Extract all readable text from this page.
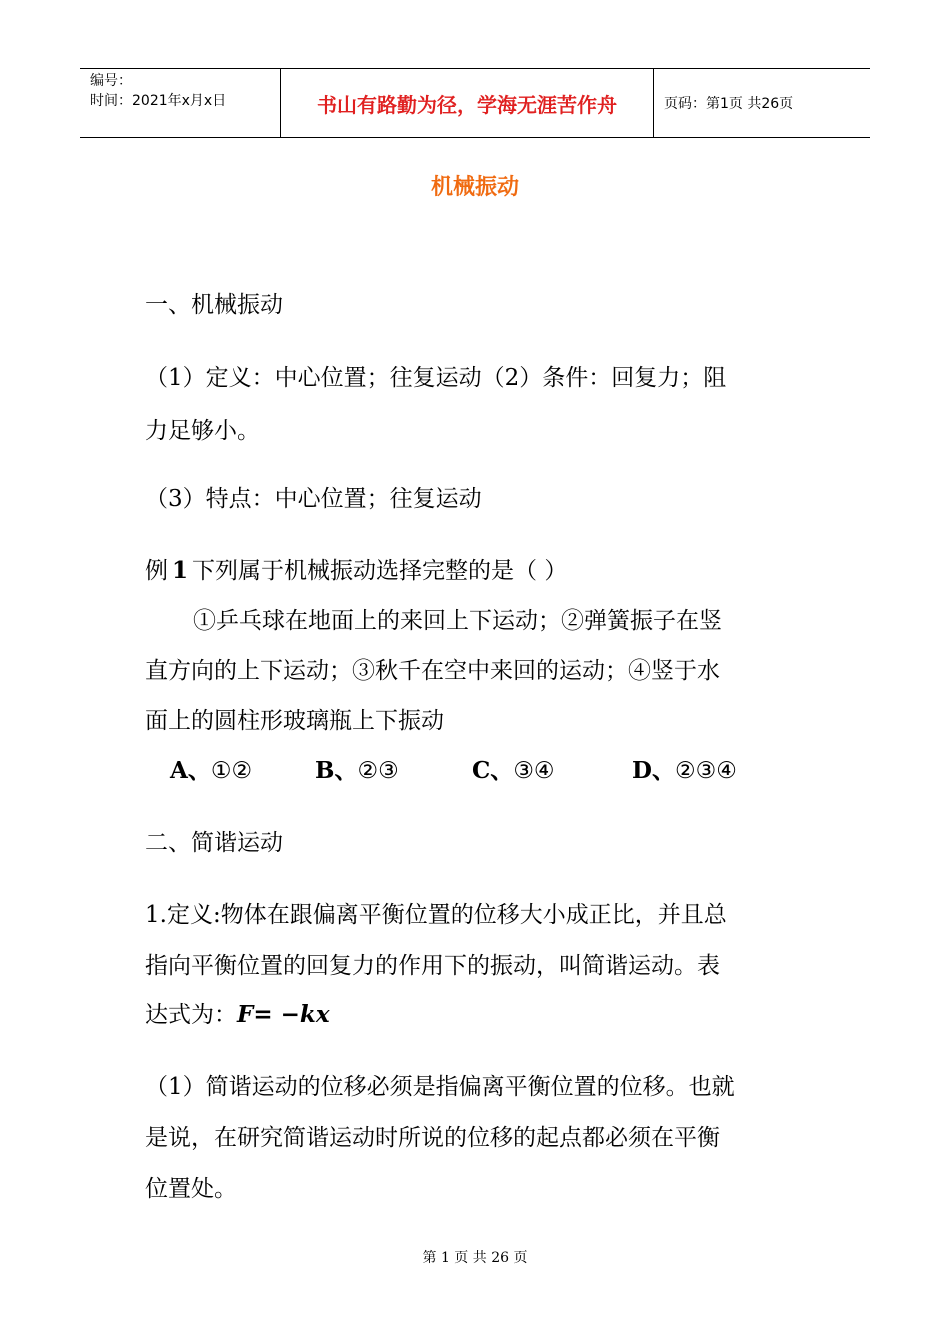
编号：
时间：2021年x月x日	书山有路勤为径，学海无涯苦作舟	页码：第1页 共26页
机械振动
一、机械振动
（1）定义：中心位置；往复运动（2）条件：回复力；阻
力足够小。
（3）特点：中心位置；往复运动
例 1 下列属于机械振动选择完整的是（ ）
①乒乓球在地面上的来回上下运动；②弹簧振子在竖
直方向的上下运动；③秋千在空中来回的运动；④竖于水
面上的圆柱形玻璃瓶上下振动
A、①②	B、②③	C、③④	D、②③④
二、简谐运动
1.定义:物体在跟偏离平衡位置的位移大小成正比，并且总
指向平衡位置的回复力的作用下的振动，叫简谐运动。表
达式为：F= −kx
（1）简谐运动的位移必须是指偏离平衡位置的位移。也就
是说，在研究简谐运动时所说的位移的起点都必须在平衡
位置处。
第 1 页 共 26 页
